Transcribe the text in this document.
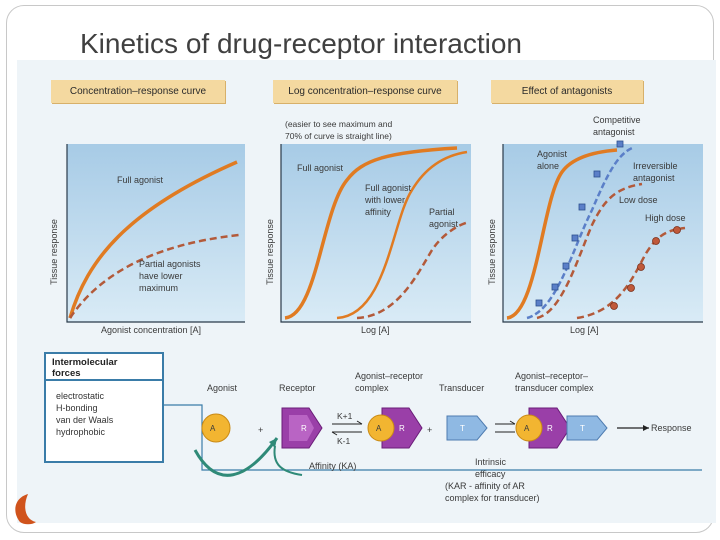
Kinetics of drug-receptor interaction
Concentration–response curve	Log concentration–response curve	Effect of antagonists
Full agonist
Partial agonists
have lower
maximum
Agonist concentration [A]
Tissue response
(easier to see maximum and
70% of curve is straight line)
Full agonist
Full agonist
with lower
affinity	Partial
agonist
Log [A]
Tissue response
Competitive
antagonist
Agonist
alone	Irreversible
antagonist
Low dose
High dose
Log [A]
Tissue response
Intermolecular
forces
electrostatic
H-bonding
van der Waals
hydrophobic
Agonist	Receptor
Agonist–receptor
complex	Transducer
Agonist–receptor–
transducer complex
A	R	A R	T	A R	T
+	+
K+1
K-1
Affinity (KA)	Intrinsic
efficacy
(KAR - affinity of AR
complex for transducer)
Response
